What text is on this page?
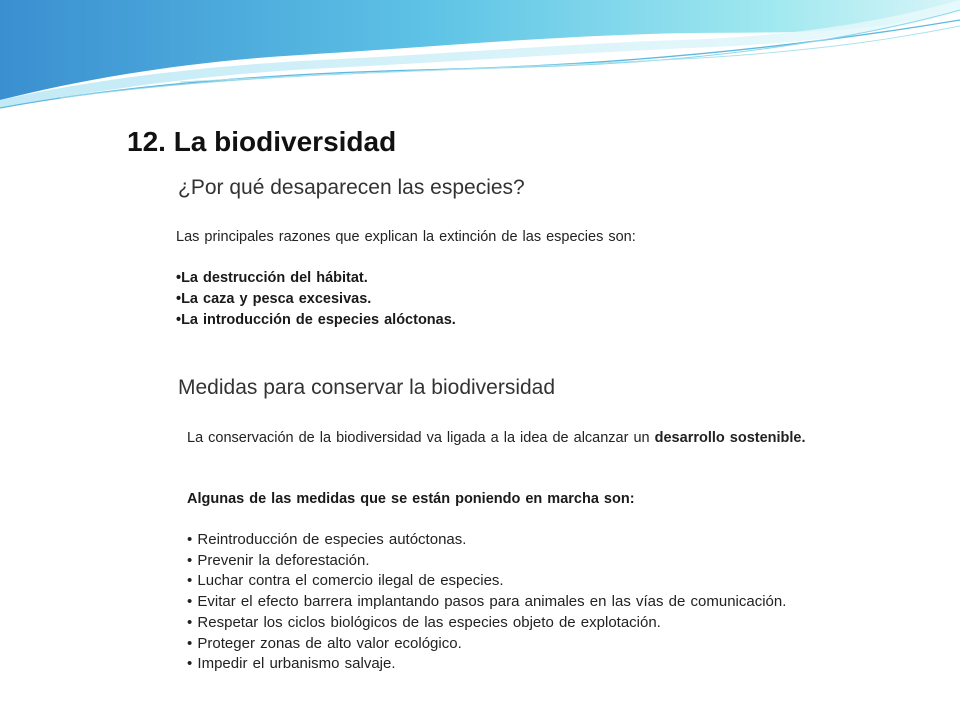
12. La biodiversidad
¿Por qué desaparecen las especies?
Las principales razones que explican la extinción de las especies son:
•La destrucción del hábitat.
•La caza y pesca excesivas.
•La introducción de especies alóctonas.
Medidas para conservar la biodiversidad
La conservación de la biodiversidad va ligada a la idea de alcanzar un desarrollo sostenible.
Algunas de las medidas que se están poniendo en marcha son:
• Reintroducción de especies autóctonas.
• Prevenir la deforestación.
• Luchar contra el comercio ilegal de especies.
• Evitar el efecto barrera implantando pasos para animales en las vías de comunicación.
• Respetar los ciclos biológicos de las especies objeto de explotación.
• Proteger zonas de alto valor ecológico.
• Impedir el urbanismo salvaje.
